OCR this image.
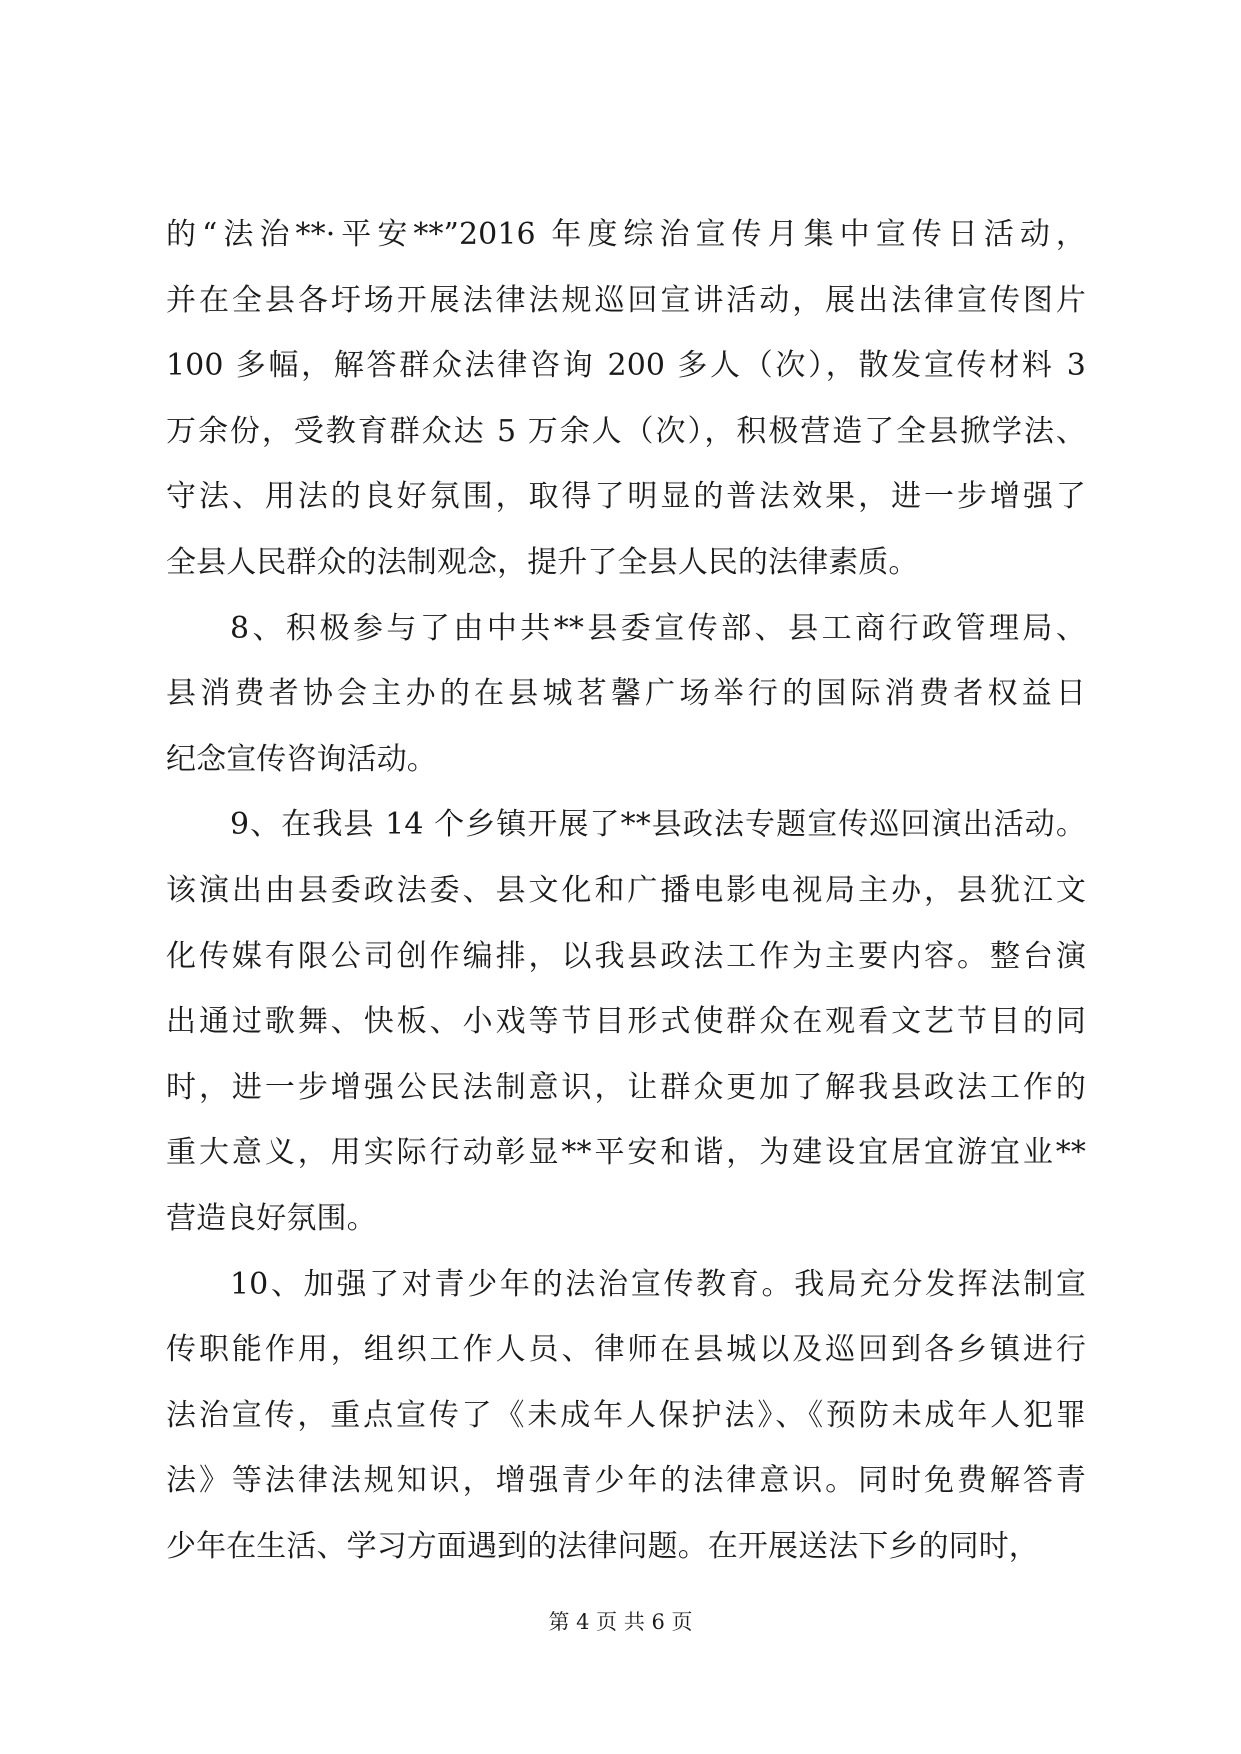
的“法治**·平安**”2016 年度综治宣传月集中宣传日活动，
并在全县各圩场开展法律法规巡回宣讲活动，展出法律宣传图片
100 多幅，解答群众法律咨询 200 多人（次），散发宣传材料 3
万余份，受教育群众达 5 万余人（次），积极营造了全县掀学法、
守法、用法的良好氛围，取得了明显的普法效果，进一步增强了
全县人民群众的法制观念，提升了全县人民的法律素质。
8、积极参与了由中共**县委宣传部、县工商行政管理局、
县消费者协会主办的在县城茗馨广场举行的国际消费者权益日
纪念宣传咨询活动。
9、在我县 14 个乡镇开展了**县政法专题宣传巡回演出活动。
该演出由县委政法委、县文化和广播电影电视局主办，县犹江文
化传媒有限公司创作编排，以我县政法工作为主要内容。整台演
出通过歌舞、快板、小戏等节目形式使群众在观看文艺节目的同
时，进一步增强公民法制意识，让群众更加了解我县政法工作的
重大意义，用实际行动彰显**平安和谐，为建设宜居宜游宜业**
营造良好氛围。
10、加强了对青少年的法治宣传教育。我局充分发挥法制宣
传职能作用，组织工作人员、律师在县城以及巡回到各乡镇进行
法治宣传，重点宣传了《未成年人保护法》、《预防未成年人犯罪
法》等法律法规知识，增强青少年的法律意识。同时免费解答青
少年在生活、学习方面遇到的法律问题。在开展送法下乡的同时，
第 4 页 共 6 页
